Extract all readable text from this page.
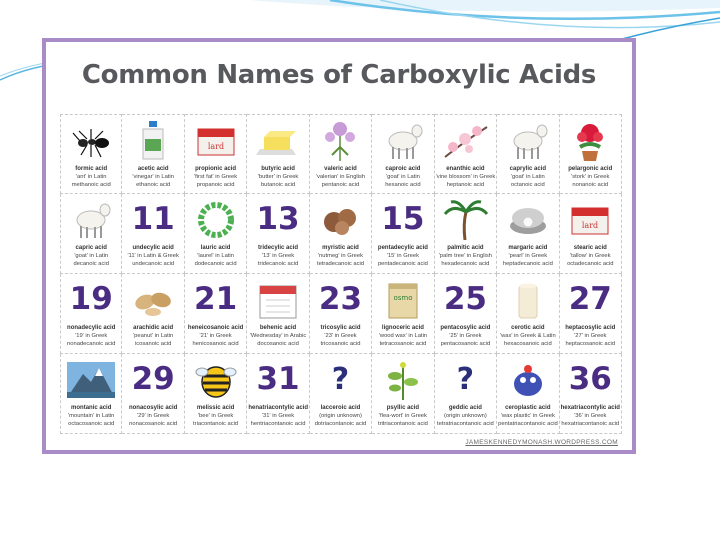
Common Names of Carboxylic Acids
formic acid
'ant' in Latin
methanoic acid
acetic acid
'vinegar' in Latin
ethanoic acid
lard
propionic acid
'first fat' in Greek
propanoic acid
butyric acid
'butter' in Greek
butanoic acid
valeric acid
'valerian' in English
pentanoic acid
caproic acid
'goat' in Latin
hexanoic acid
enanthic acid
'vine blossom' in Greek
heptanoic acid
caprylic acid
'goat' in Latin
octanoic acid
pelargonic acid
'stork' in Greek
nonanoic acid
capric acid
'goat' in Latin
decanoic acid
11
undecylic acid
'11' in Latin & Greek
undecanoic acid
lauric acid
'laurel' in Latin
dodecanoic acid
13
tridecylic acid
'13' in Greek
tridecanoic acid
myristic acid
'nutmeg' in Greek
tetradecanoic acid
15
pentadecylic acid
'15' in Greek
pentadecanoic acid
palmitic acid
'palm tree' in English
hexadecanoic acid
margaric acid
'pearl' in Greek
heptadecanoic acid
lard
stearic acid
'tallow' in Greek
octadecanoic acid
19
nonadecylic acid
'19' in Greek
nonadecanoic acid
arachidic acid
'peanut' in Latin
icosanoic acid
21
heneicosanoic acid
'21' in Greek
henicosanoic acid
behenic acid
'Wednesday' in Arabic
docosanoic acid
23
tricosylic acid
'23' in Greek
tricosanoic acid
osmo
lignoceric acid
'wood wax' in Latin
tetracosanoic acid
25
pentacosylic acid
'25' in Greek
pentacosanoic acid
cerotic acid
'wax' in Greek & Latin
hexacosanoic acid
27
heptacosylic acid
'27' in Greek
heptacosanoic acid
montanic acid
'mountain' in Latin
octacosanoic acid
29
nonacosylic acid
'29' in Greek
nonacosanoic acid
melissic acid
'bee' in Greek
triacontanoic acid
31
henatriacontylic acid
'31' in Greek
hentriacontanoic acid
?
lacceroic acid
(origin unknown)
dotriacontanoic acid
psyllic acid
'flea-wort' in Greek
tritriacontanoic acid
?
geddic acid
(origin unknown)
tetratriacontanoic acid
ceroplastic acid
'wax plastic' in Greek
pentatriacontanoic acid
36
hexatriacontylic acid
'36' in Greek
hexatriacontanoic acid
JAMESKENNEDYMONASH.WORDPRESS.COM
